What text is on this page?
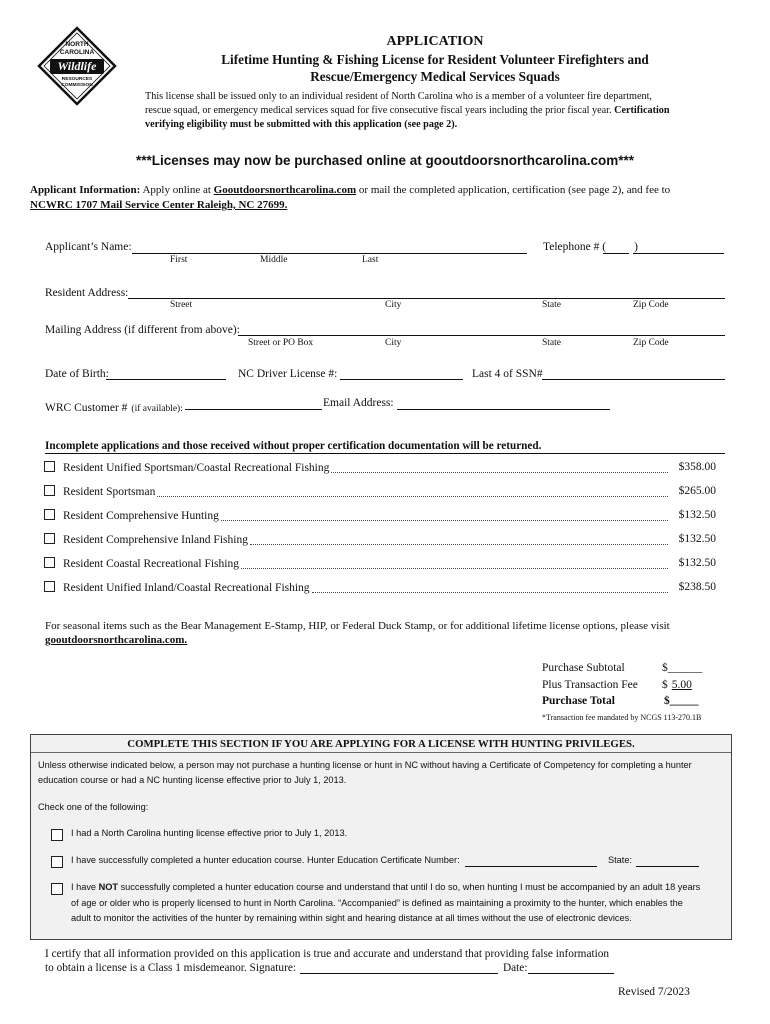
NORTH
CAROLINA
Wildlife
RESOURCES
COMMISSION
APPLICATION
Lifetime Hunting & Fishing License for Resident Volunteer Firefighters and
Rescue/Emergency Medical Services Squads
This license shall be issued only to an individual resident of North Carolina who is a member of a volunteer fire department,
rescue squad, or emergency medical services squad for five consecutive fiscal years including the prior fiscal year. Certification
verifying eligibility must be submitted with this application (see page 2).
***Licenses may now be purchased online at gooutdoorsnorthcarolina.com***
Applicant Information: Apply online at Gooutdoorsnorthcarolina.com or mail the completed application, certification (see page 2), and fee to
NCWRC 1707 Mail Service Center Raleigh, NC 27699.
Applicant’s Name:
First	Middle	Last
Telephone # ( )
Resident Address:
Street	City	State	Zip Code
Mailing Address (if different from above):
Street or PO Box	City	State	Zip Code
Date of Birth:	NC Driver License #:	Last 4 of SSN#
WRC Customer # (if available):	Email Address:
Incomplete applications and those received without proper certification documentation will be returned.
Resident Unified Sportsman/Coastal Recreational Fishing	$358.00
Resident Sportsman	$265.00
Resident Comprehensive Hunting	$132.50
Resident Comprehensive Inland Fishing	$132.50
Resident Coastal Recreational Fishing	$132.50
Resident Unified Inland/Coastal Recreational Fishing	$238.50
For seasonal items such as the Bear Management E-Stamp, HIP, or Federal Duck Stamp, or for additional lifetime license options, please visit
gooutdoorsnorthcarolina.com.
Purchase Subtotal	$______
Plus Transaction Fee $ 5.00
Purchase Total	$_____
*Transaction fee mandated by NCGS 113-270.1B
COMPLETE THIS SECTION IF YOU ARE APPLYING FOR A LICENSE WITH HUNTING PRIVILEGES.
Unless otherwise indicated below, a person may not purchase a hunting license or hunt in NC without having a Certificate of Competency for completing a hunter
education course or had a NC hunting license effective prior to July 1, 2013.
Check one of the following:
I had a North Carolina hunting license effective prior to July 1, 2013.
I have successfully completed a hunter education course. Hunter Education Certificate Number:	State:
I have NOT successfully completed a hunter education course and understand that until I do so, when hunting I must be accompanied by an adult 18 years
of age or older who is properly licensed to hunt in North Carolina. “Accompanied” is defined as maintaining a proximity to the hunter, which enables the
adult to monitor the activities of the hunter by remaining within sight and hearing distance at all times without the use of electronic devices.
I certify that all information provided on this application is true and accurate and understand that providing false information
to obtain a license is a Class 1 misdemeanor. Signature:	Date:
Revised 7/2023
